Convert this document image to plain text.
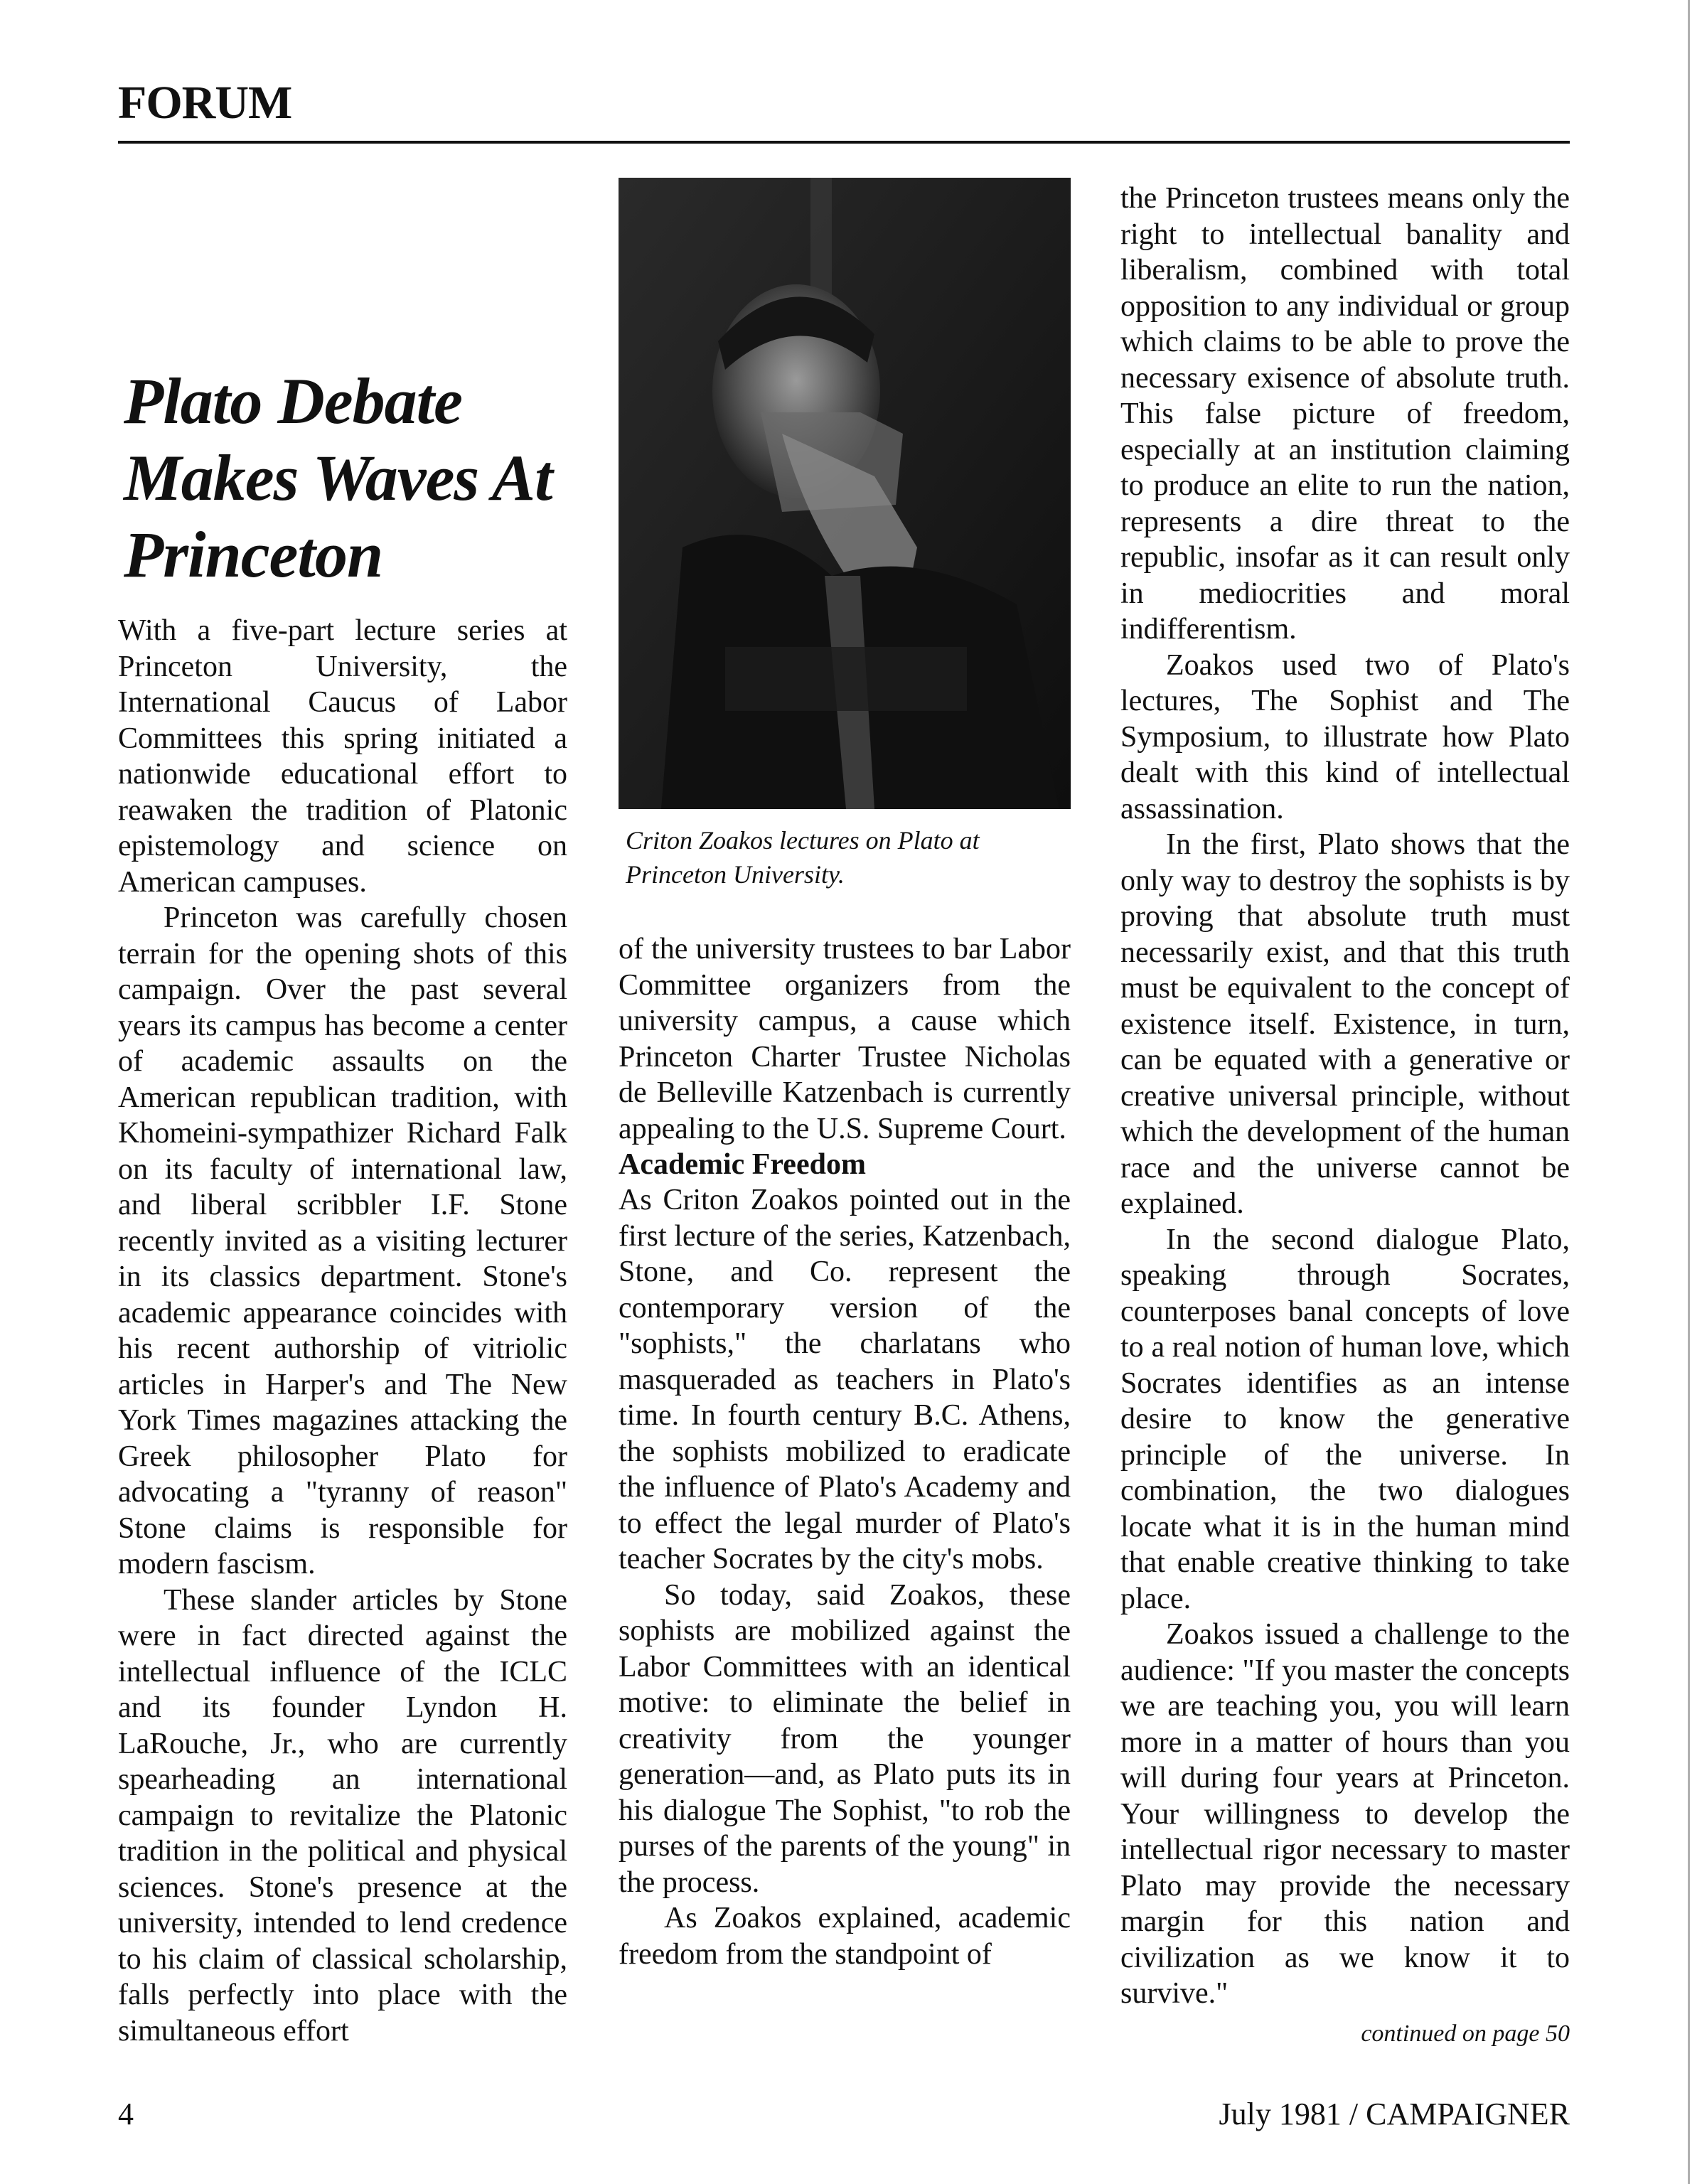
FORUM
Plato Debate Makes Waves At Princeton

With a five-part lecture series at Princeton University, the International Caucus of Labor Committees this spring initiated a nationwide educational effort to reawaken the tradition of Platonic epistemology and science on American campuses.

Princeton was carefully chosen terrain for the opening shots of this campaign. Over the past several years its campus has become a center of academic assaults on the American republican tradition, with Khomeini-sympathizer Richard Falk on its faculty of international law, and liberal scribbler I.F. Stone recently invited as a visiting lecturer in its classics department. Stone's academic appearance coincides with his recent authorship of vitriolic articles in Harper's and The New York Times magazines attacking the Greek philosopher Plato for advocating a "tyranny of reason" Stone claims is responsible for modern fascism.

These slander articles by Stone were in fact directed against the intellectual influence of the ICLC and its founder Lyndon H. LaRouche, Jr., who are currently spearheading an international campaign to revitalize the Platonic tradition in the political and physical sciences. Stone's presence at the university, intended to lend credence to his claim of classical scholarship, falls perfectly into place with the simultaneous effort

Criton Zoakos lectures on Plato at Princeton University.

of the university trustees to bar Labor Committee organizers from the university campus, a cause which Princeton Charter Trustee Nicholas de Belleville Katzenbach is currently appealing to the U.S. Supreme Court.

Academic Freedom

As Criton Zoakos pointed out in the first lecture of the series, Katzenbach, Stone, and Co. represent the contemporary version of the "sophists," the charlatans who masqueraded as teachers in Plato's time. In fourth century B.C. Athens, the sophists mobilized to eradicate the influence of Plato's Academy and to effect the legal murder of Plato's teacher Socrates by the city's mobs.

So today, said Zoakos, these sophists are mobilized against the Labor Committees with an identical motive: to eliminate the belief in creativity from the younger generation—and, as Plato puts its in his dialogue The Sophist, "to rob the purses of the parents of the young" in the process.

As Zoakos explained, academic freedom from the standpoint of

the Princeton trustees means only the right to intellectual banality and liberalism, combined with total opposition to any individual or group which claims to be able to prove the necessary exisence of absolute truth. This false picture of freedom, especially at an institution claiming to produce an elite to run the nation, represents a dire threat to the republic, insofar as it can result only in mediocrities and moral indifferentism.

Zoakos used two of Plato's lectures, The Sophist and The Symposium, to illustrate how Plato dealt with this kind of intellectual assassination.

In the first, Plato shows that the only way to destroy the sophists is by proving that absolute truth must necessarily exist, and that this truth must be equivalent to the concept of existence itself. Existence, in turn, can be equated with a generative or creative universal principle, without which the development of the human race and the universe cannot be explained.

In the second dialogue Plato, speaking through Socrates, counterposes banal concepts of love to a real notion of human love, which Socrates identifies as an intense desire to know the generative principle of the universe. In combination, the two dialogues locate what it is in the human mind that enable creative thinking to take place.

Zoakos issued a challenge to the audience: "If you master the concepts we are teaching you, you will learn more in a matter of hours than you will during four years at Princeton. Your willingness to develop the intellectual rigor necessary to master Plato may provide the necessary margin for this nation and civilization as we know it to survive."

continued on page 50

4	July 1981 / CAMPAIGNER
